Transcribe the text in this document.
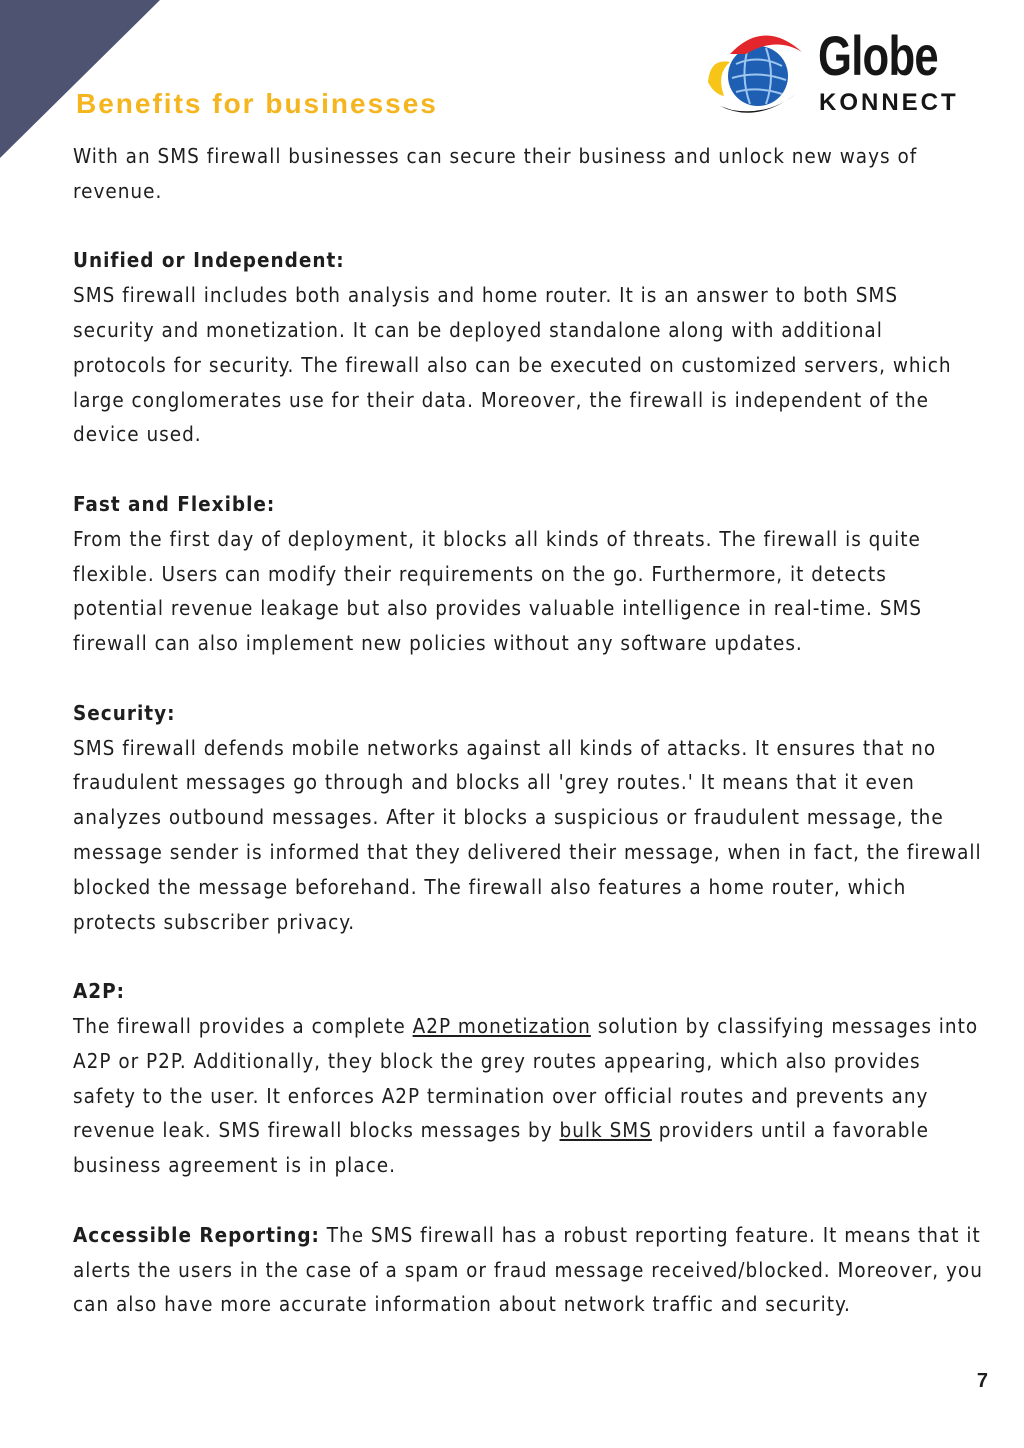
Globe
KONNECT
Benefits for businesses

With an SMS firewall businesses can secure their business and unlock new ways of revenue.

Unified or Independent:

SMS firewall includes both analysis and home router. It is an answer to both SMS security and monetization. It can be deployed standalone along with additional protocols for security. The firewall also can be executed on customized servers, which large conglomerates use for their data. Moreover, the firewall is independent of the device used.

Fast and Flexible:

From the first day of deployment, it blocks all kinds of threats. The firewall is quite flexible. Users can modify their requirements on the go. Furthermore, it detects potential revenue leakage but also provides valuable intelligence in real-time. SMS firewall can also implement new policies without any software updates.

Security:

SMS firewall defends mobile networks against all kinds of attacks. It ensures that no fraudulent messages go through and blocks all 'grey routes.' It means that it even analyzes outbound messages. After it blocks a suspicious or fraudulent message, the message sender is informed that they delivered their message, when in fact, the firewall blocked the message beforehand. The firewall also features a home router, which protects subscriber privacy.

A2P:

The firewall provides a complete A2P monetization solution by classifying messages into A2P or P2P. Additionally, they block the grey routes appearing, which also provides safety to the user. It enforces A2P termination over official routes and prevents any revenue leak. SMS firewall blocks messages by bulk SMS providers until a favorable business agreement is in place.

Accessible Reporting: The SMS firewall has a robust reporting feature. It means that it alerts the users in the case of a spam or fraud message received/blocked. Moreover, you can also have more accurate information about network traffic and security.

7
